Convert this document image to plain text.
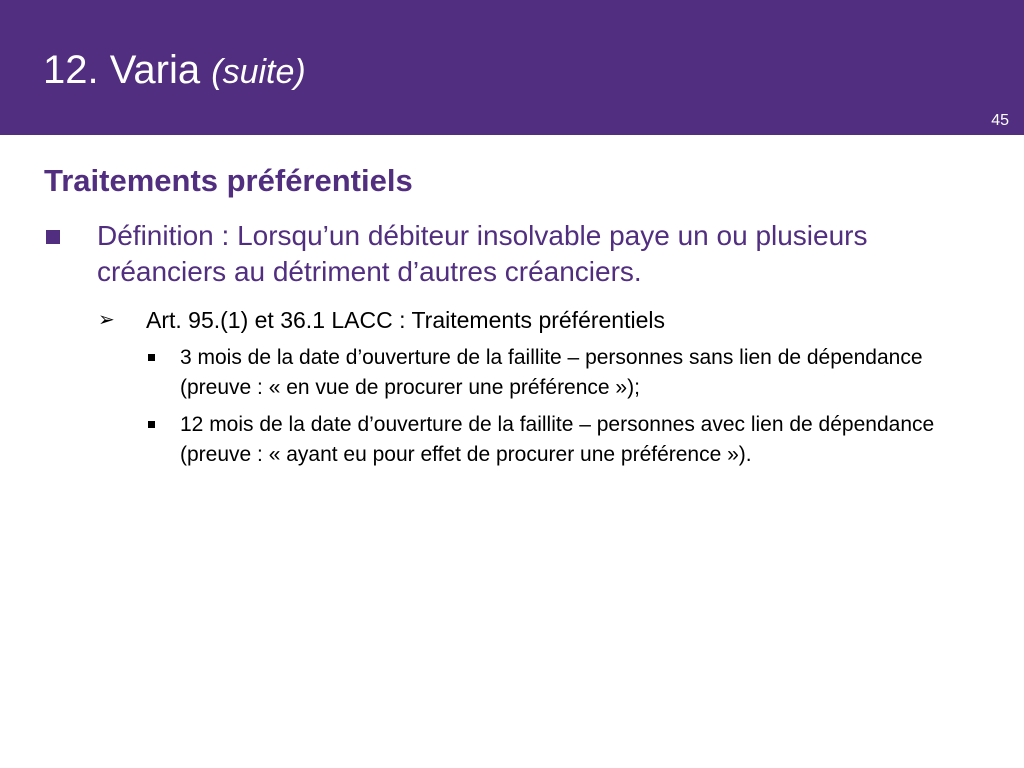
12. Varia (suite)
45
Traitements préférentiels
Définition : Lorsqu’un débiteur insolvable paye un ou plusieurs créanciers au détriment d’autres créanciers.
➢ Art. 95.(1) et 36.1 LACC : Traitements préférentiels
3 mois de la date d’ouverture de la faillite – personnes sans lien de dépendance (preuve : « en vue de procurer une préférence »);
12 mois de la date d’ouverture de la faillite – personnes avec lien de dépendance (preuve : « ayant eu pour effet de procurer une préférence »).
